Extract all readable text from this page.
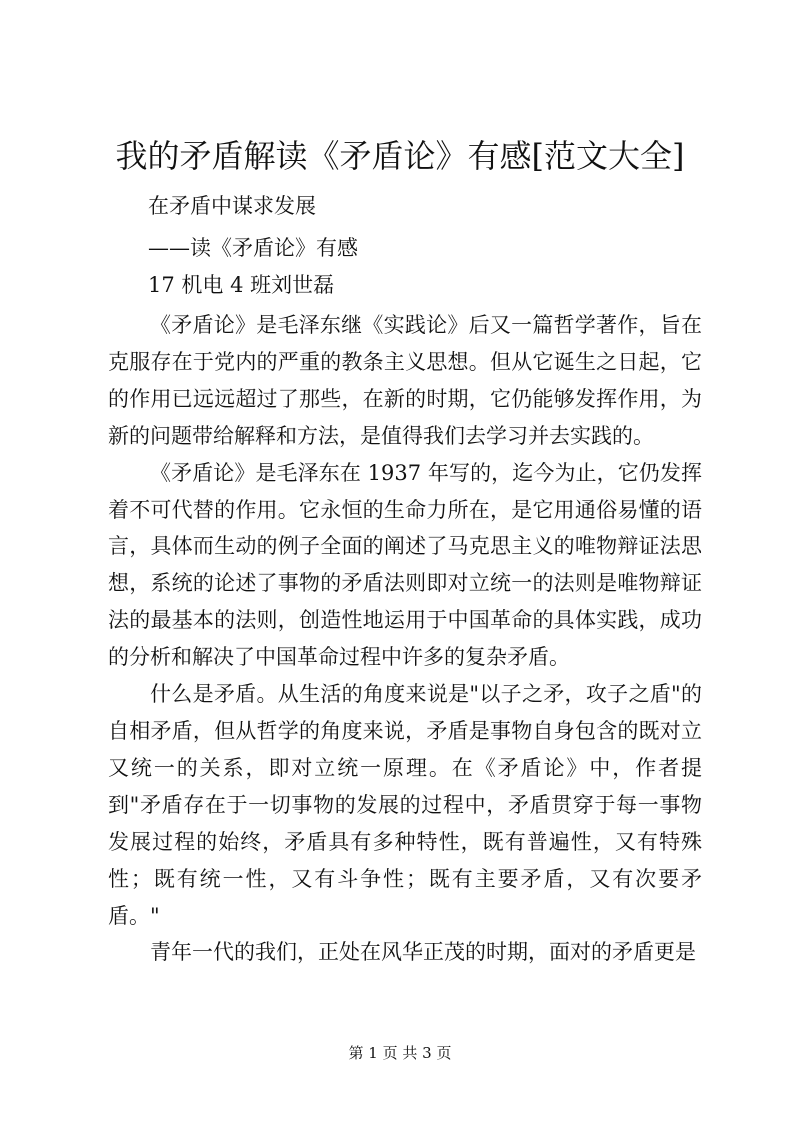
我的矛盾解读《矛盾论》有感[范文大全]
在矛盾中谋求发展
——读《矛盾论》有感
17 机电 4 班刘世磊

《矛盾论》是毛泽东继《实践论》后又一篇哲学著作，旨在克服存在于党内的严重的教条主义思想。但从它诞生之日起，它的作用已远远超过了那些，在新的时期，它仍能够发挥作用，为新的问题带给解释和方法，是值得我们去学习并去实践的。

《矛盾论》是毛泽东在 1937 年写的，迄今为止，它仍发挥着不可代替的作用。它永恒的生命力所在，是它用通俗易懂的语言，具体而生动的例子全面的阐述了马克思主义的唯物辩证法思想，系统的论述了事物的矛盾法则即对立统一的法则是唯物辩证法的最基本的法则，创造性地运用于中国革命的具体实践，成功的分析和解决了中国革命过程中许多的复杂矛盾。

什么是矛盾。从生活的角度来说是"以子之矛，攻子之盾"的自相矛盾，但从哲学的角度来说，矛盾是事物自身包含的既对立又统一的关系，即对立统一原理。在《矛盾论》中，作者提到"矛盾存在于一切事物的发展的过程中，矛盾贯穿于每一事物发展过程的始终，矛盾具有多种特性，既有普遍性，又有特殊性；既有统一性，又有斗争性；既有主要矛盾，又有次要矛盾。"

青年一代的我们，正处在风华正茂的时期，面对的矛盾更是

第 1 页 共 3 页
